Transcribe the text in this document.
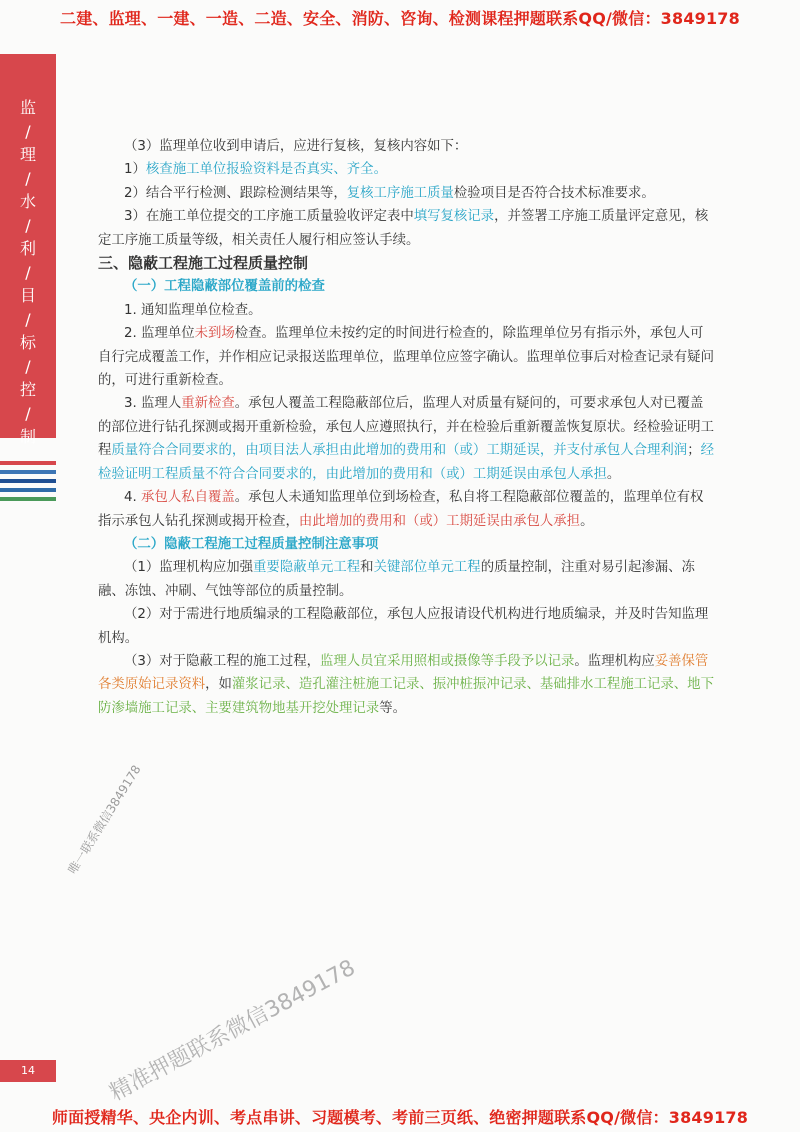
二建、监理、一建、一造、二造、安全、消防、咨询、检测课程押题联系QQ/微信：3849178
监
/
理
/
水
/
利
/
目
/
标
/
控
/
制

（3）监理单位收到申请后，应进行复核，复核内容如下：

1）核查施工单位报验资料是否真实、齐全。

2）结合平行检测、跟踪检测结果等，复核工序施工质量检验项目是否符合技术标准要求。

3）在施工单位提交的工序施工质量验收评定表中填写复核记录，并签署工序施工质量评定意见，核定工序施工质量等级，相关责任人履行相应签认手续。

三、隐蔽工程施工过程质量控制

（一）工程隐蔽部位覆盖前的检查

1. 通知监理单位检查。

2. 监理单位未到场检查。监理单位未按约定的时间进行检查的，除监理单位另有指示外，承包人可自行完成覆盖工作，并作相应记录报送监理单位，监理单位应签字确认。监理单位事后对检查记录有疑问的，可进行重新检查。

3. 监理人重新检查。承包人覆盖工程隐蔽部位后，监理人对质量有疑问的，可要求承包人对已覆盖的部位进行钻孔探测或揭开重新检验，承包人应遵照执行，并在检验后重新覆盖恢复原状。经检验证明工程质量符合合同要求的，由项目法人承担由此增加的费用和（或）工期延误，并支付承包人合理利润；经检验证明工程质量不符合合同要求的，由此增加的费用和（或）工期延误由承包人承担。

4. 承包人私自覆盖。承包人未通知监理单位到场检查，私自将工程隐蔽部位覆盖的，监理单位有权指示承包人钻孔探测或揭开检查，由此增加的费用和（或）工期延误由承包人承担。

（二）隐蔽工程施工过程质量控制注意事项

（1）监理机构应加强重要隐蔽单元工程和关键部位单元工程的质量控制，注重对易引起渗漏、冻融、冻蚀、冲刷、气蚀等部位的质量控制。

（2）对于需进行地质编录的工程隐蔽部位，承包人应报请设代机构进行地质编录，并及时告知监理机构。

（3）对于隐蔽工程的施工过程，监理人员宜采用照相或摄像等手段予以记录。监理机构应妥善保管各类原始记录资料，如灌浆记录、造孔灌注桩施工记录、振冲桩振冲记录、基础排水工程施工记录、地下防渗墙施工记录、主要建筑物地基开挖处理记录等。

唯一联系微信3849178
精准押题联系微信3849178
14
师面授精华、央企内训、考点串讲、习题模考、考前三页纸、绝密押题联系QQ/微信：3849178
